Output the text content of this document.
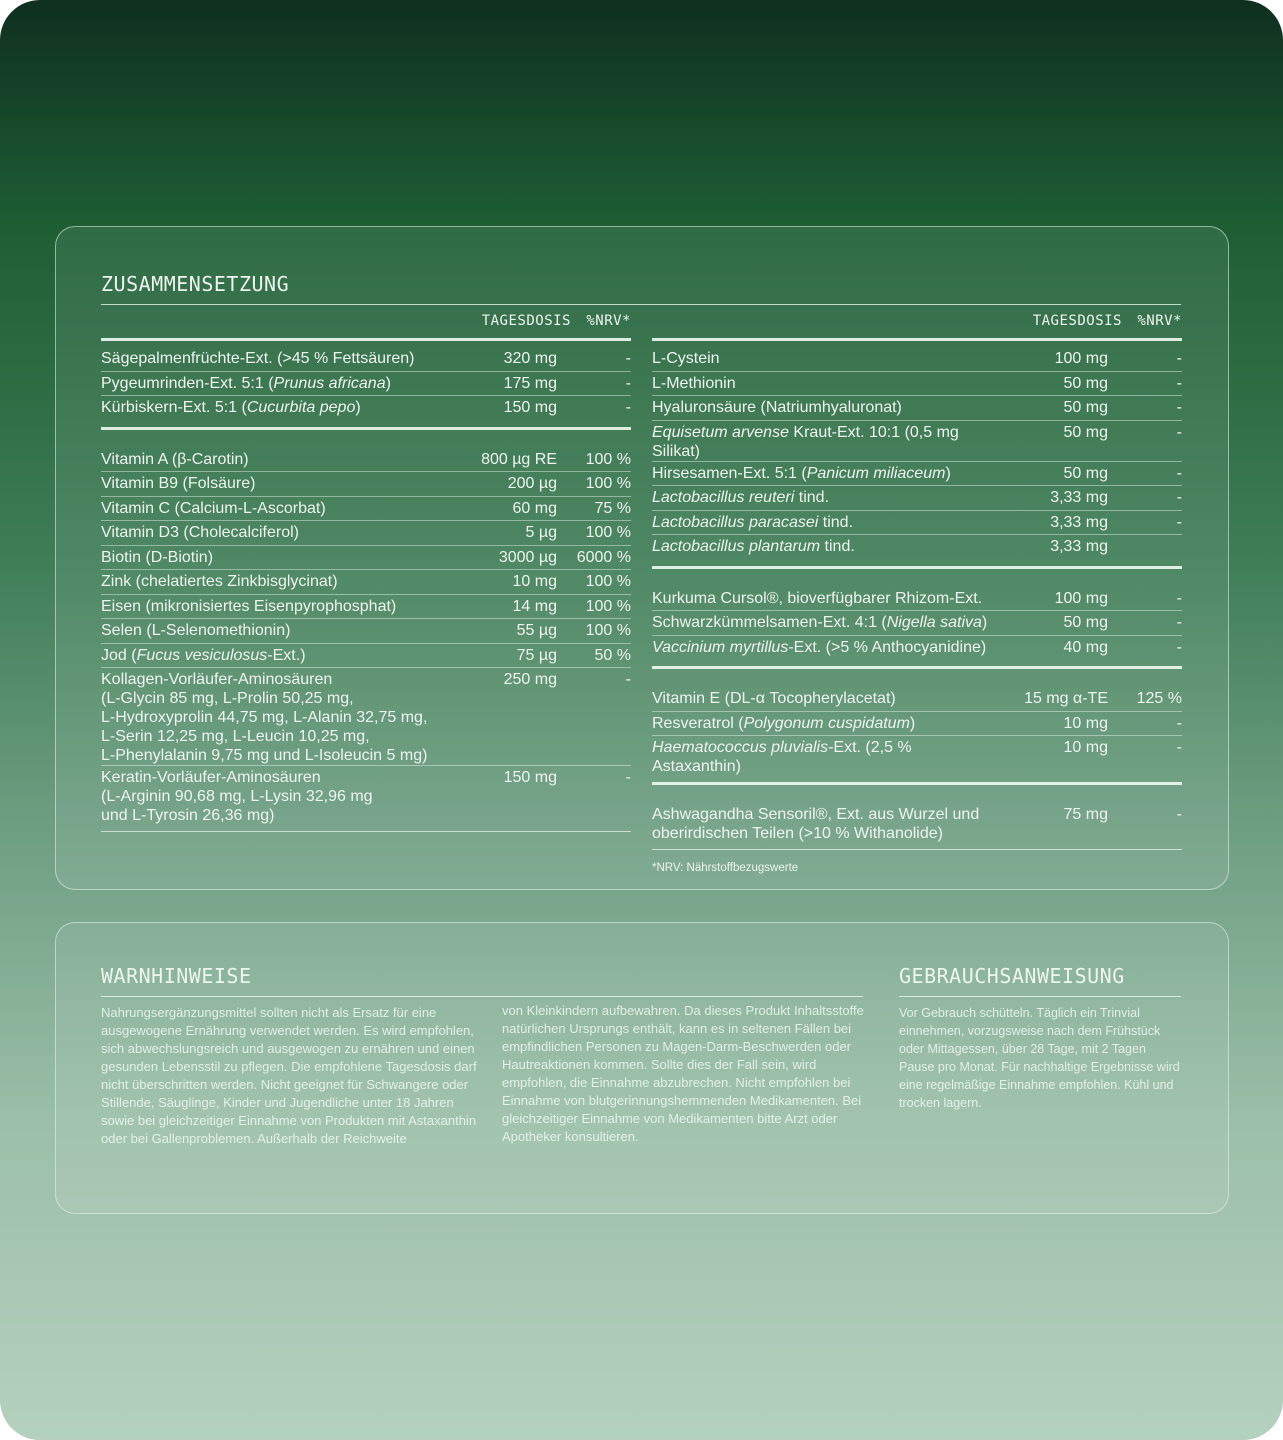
ZUSAMMENSETZUNG
TAGESDOSIS	%NRV*
Sägepalmenfrüchte-Ext. (>45 % Fettsäuren)	320 mg	-
Pygeumrinden-Ext. 5:1 (Prunus africana)	175 mg	-
Kürbiskern-Ext. 5:1 (Cucurbita pepo)	150 mg	-
Vitamin A (β-Carotin)	800 µg RE	100 %
Vitamin B9 (Folsäure)	200 µg	100 %
Vitamin C (Calcium-L-Ascorbat)	60 mg	75 %
Vitamin D3 (Cholecalciferol)	5 µg	100 %
Biotin (D-Biotin)	3000 µg	6000 %
Zink (chelatiertes Zinkbisglycinat)	10 mg	100 %
Eisen (mikronisiertes Eisenpyrophosphat)	14 mg	100 %
Selen (L-Selenomethionin)	55 µg	100 %
Jod (Fucus vesiculosus-Ext.)	75 µg	50 %
Kollagen-Vorläufer-Aminosäuren
(L-Glycin 85 mg, L-Prolin 50,25 mg,
L-Hydroxyprolin 44,75 mg, L-Alanin 32,75 mg,
L-Serin 12,25 mg, L-Leucin 10,25 mg,
L-Phenylalanin 9,75 mg und L-Isoleucin 5 mg)
250 mg	-
Keratin-Vorläufer-Aminosäuren
(L-Arginin 90,68 mg, L-Lysin 32,96 mg
und L-Tyrosin 26,36 mg)
150 mg	-
TAGESDOSIS	%NRV*
L-Cystein	100 mg	-
L-Methionin	50 mg	-
Hyaluronsäure (Natriumhyaluronat)	50 mg	-
Equisetum arvense Kraut-Ext. 10:1 (0,5 mg Silikat)
50 mg	-
Hirsesamen-Ext. 5:1 (Panicum miliaceum)	50 mg	-
Lactobacillus reuteri tind.	3,33 mg	-
Lactobacillus paracasei tind.	3,33 mg	-
Lactobacillus plantarum tind.	3,33 mg
Kurkuma Cursol®, bioverfügbarer Rhizom-Ext.	100 mg	-
Schwarzkümmelsamen-Ext. 4:1 (Nigella sativa)	50 mg	-
Vaccinium myrtillus-Ext. (>5 % Anthocyanidine)	40 mg	-
Vitamin E (DL-α Tocopherylacetat)	15 mg α-TE	125 %
Resveratrol (Polygonum cuspidatum)	10 mg	-
Haematococcus pluvialis-Ext. (2,5 % Astaxanthin)
10 mg	-
Ashwagandha Sensoril®, Ext. aus Wurzel und
oberirdischen Teilen (>10 % Withanolide)
75 mg	-
*NRV: Nährstoffbezugswerte
WARNHINWEISE
Nahrungsergänzungsmittel sollten nicht als Ersatz für eine ausgewogene Ernährung verwendet werden. Es wird empfohlen, sich abwechslungsreich und ausgewogen zu ernähren und einen gesunden Lebensstil zu pflegen. Die empfohlene Tagesdosis darf nicht überschritten werden. Nicht geeignet für Schwangere oder Stillende, Säuglinge, Kinder und Jugendliche unter 18 Jahren sowie bei gleichzeitiger Einnahme von Produkten mit Astaxanthin oder bei Gallenproblemen. Außerhalb der Reichweite
von Kleinkindern aufbewahren. Da dieses Produkt Inhaltsstoffe natürlichen Ursprungs enthält, kann es in seltenen Fällen bei empfindlichen Personen zu Magen-Darm-Beschwerden oder Hautreaktionen kommen. Sollte dies der Fall sein, wird empfohlen, die Einnahme abzubrechen. Nicht empfohlen bei Einnahme von blutgerinnungshemmenden Medikamenten. Bei gleichzeitiger Einnahme von Medikamenten bitte Arzt oder Apotheker konsultieren.
GEBRAUCHSANWEISUNG
Vor Gebrauch schütteln. Täglich ein Trinvial einnehmen, vorzugsweise nach dem Frühstück oder Mittagessen, über 28 Tage, mit 2 Tagen Pause pro Monat. Für nachhaltige Ergebnisse wird eine regelmäßige Einnahme empfohlen. Kühl und trocken lagern.
